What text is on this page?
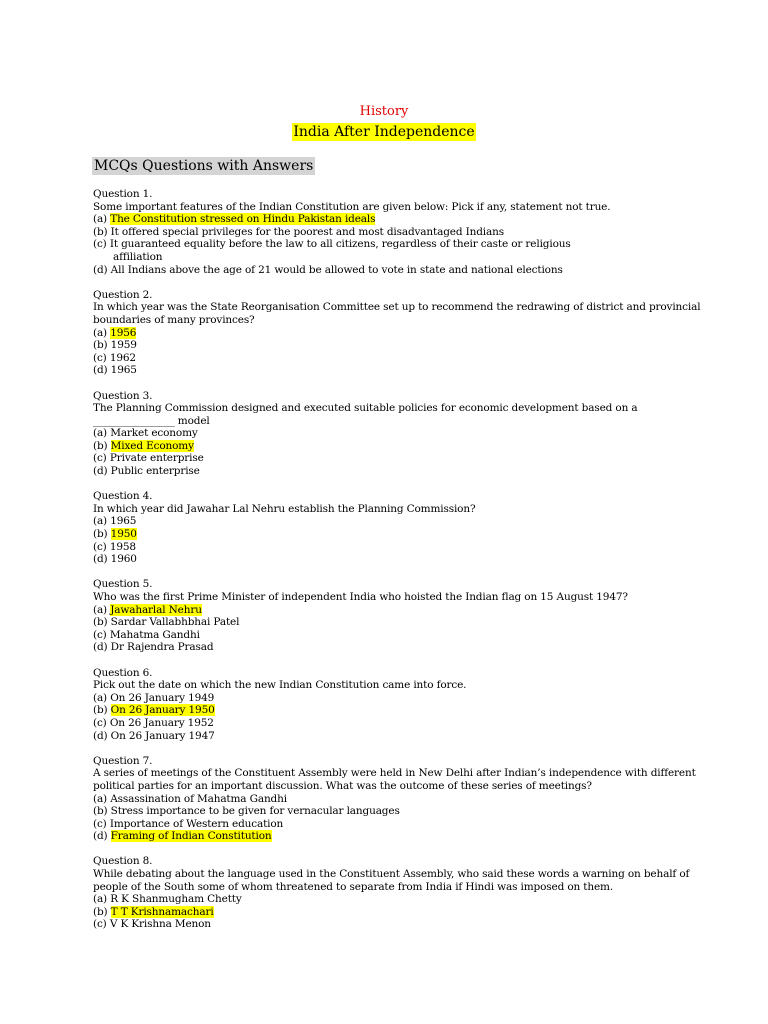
History
India After Independence
MCQs Questions with Answers
Question 1.
Some important features of the Indian Constitution are given below: Pick if any, statement not true.
(a) The Constitution stressed on Hindu Pakistan ideals
(b) It offered special privileges for the poorest and most disadvantaged Indians
(c) It guaranteed equality before the law to all citizens, regardless of their caste or religious
affiliation
(d) All Indians above the age of 21 would be allowed to vote in state and national elections
Question 2.
In which year was the State Reorganisation Committee set up to recommend the redrawing of district and provincial
boundaries of many provinces?
(a) 1956
(b) 1959
(c) 1962
(d) 1965
Question 3.
The Planning Commission designed and executed suitable policies for economic development based on a
________________ model
(a) Market economy
(b) Mixed Economy
(c) Private enterprise
(d) Public enterprise
Question 4.
In which year did Jawahar Lal Nehru establish the Planning Commission?
(a) 1965
(b) 1950
(c) 1958
(d) 1960
Question 5.
Who was the first Prime Minister of independent India who hoisted the Indian flag on 15 August 1947?
(a) Jawaharlal Nehru
(b) Sardar Vallabhbhai Patel
(c) Mahatma Gandhi
(d) Dr Rajendra Prasad
Question 6.
Pick out the date on which the new Indian Constitution came into force.
(a) On 26 January 1949
(b) On 26 January 1950
(c) On 26 January 1952
(d) On 26 January 1947
Question 7.
A series of meetings of the Constituent Assembly were held in New Delhi after Indian’s independence with different
political parties for an important discussion. What was the outcome of these series of meetings?
(a) Assassination of Mahatma Gandhi
(b) Stress importance to be given for vernacular languages
(c) Importance of Western education
(d) Framing of Indian Constitution
Question 8.
While debating about the language used in the Constituent Assembly, who said these words a warning on behalf of
people of the South some of whom threatened to separate from India if Hindi was imposed on them.
(a) R K Shanmugham Chetty
(b) T T Krishnamachari
(c) V K Krishna Menon
